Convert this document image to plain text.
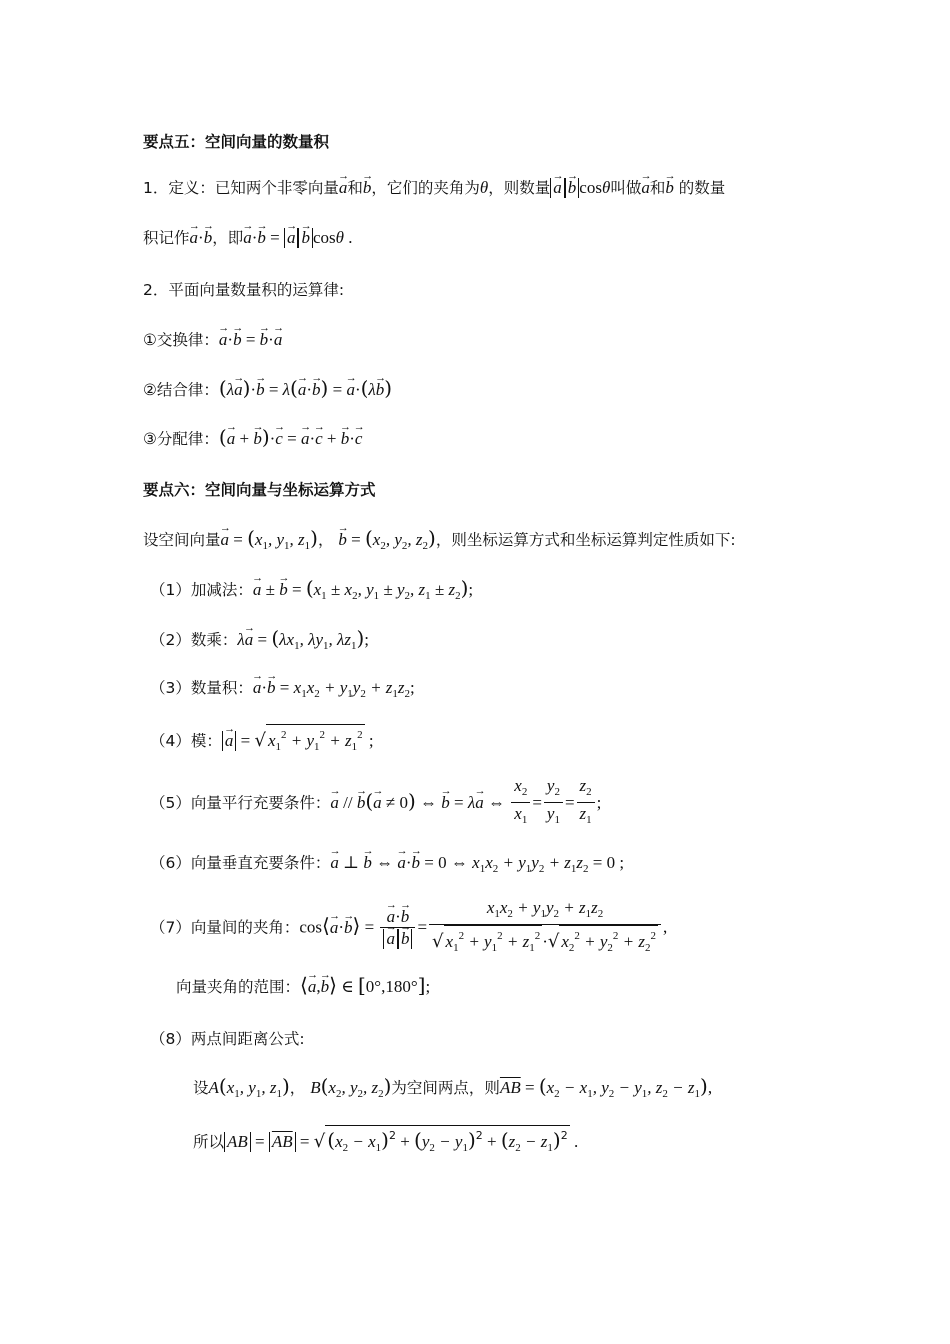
要点五：空间向量的数量积
1．定义：已知两个非零向量→ a和→ b，它们的夹角为θ，则数量 → a → b cosθ叫做→ a和→ b 的数量
积记作→ a·→ b，即→ a·→ b = → a → b cosθ .
2．平面向量数量积的运算律:
①交换律：→ a·→ b = → b·→ a
②结合律：(λ→ a)·→ b = λ(→ a·→ b) = → a·(λ→ b)
③分配律：(→ a + → b)·→ c = → a·→ c + → b·→ c
要点六：空间向量与坐标运算方式
设空间向量→ $a = (x_1$, $y_1$, $z_1$)， → $b = (x_2$, $y_2$, $z_2$)，则坐标运算方式和坐标运算判定性质如下:
（1）加减法：→ a ± → $b = (x_1 \pm x_2$, $y_1 \pm y_2$, $z_1 \pm z_2$);
（2）数乘：$\lambda\to a = (\lambda x_1$, $\lambda y_1$, $\lambda z_1$);
（3）数量积：→ $a\cdot\to b = x_1x_2 + y_1y_2 + z_1z_2$;
（4）模： → a = √ $x_1^2 + y_1^2 + z_1^2$ ;
（5）向量平行充要条件：→ a // → b(→ a ≠ 0) ⇔ → b = λ→ a ⇔ $\frac{x_2}{x_1} = \frac{y_2}{y_1} = \frac{z_2}{z_1}$ ;
（6）向量垂直充要条件：→ a ⊥ → b ⇔ → a·→ b = 0 ⇔ $x_1x_2 + y_1y_2 + z_1z_2 = 0$ ;
（7）向量间的夹角：cos⟨→ a·→ b⟩ = → a·→ b
→ $a \to b = \frac{x_1x_2 + y_1y_2 + z_1z_2}{√ x_1^2 + y_1^2 + z_1^2 \cdot√ x_2^2 + y_2^2 + z_2^2}$ ,
向量夹角的范围：⟨→ a,→ b⟩ ∈ [0°,180°];
（8）两点间距离公式:
设$A(x_1$, $y_1$, $z_1$)， $B(x_2$, $y_2$, $z_2$)为空间两点，则$\overline{AB} = (x_2 - x_1$, $y_2 - y_1$, $z_2 - z_1$),
所以 AB = $\overline{AB}$ = √ $(x_2 - x_1)^2 + (y_2 - y_1)^2 + (z_2 - z_1)^2$ .
